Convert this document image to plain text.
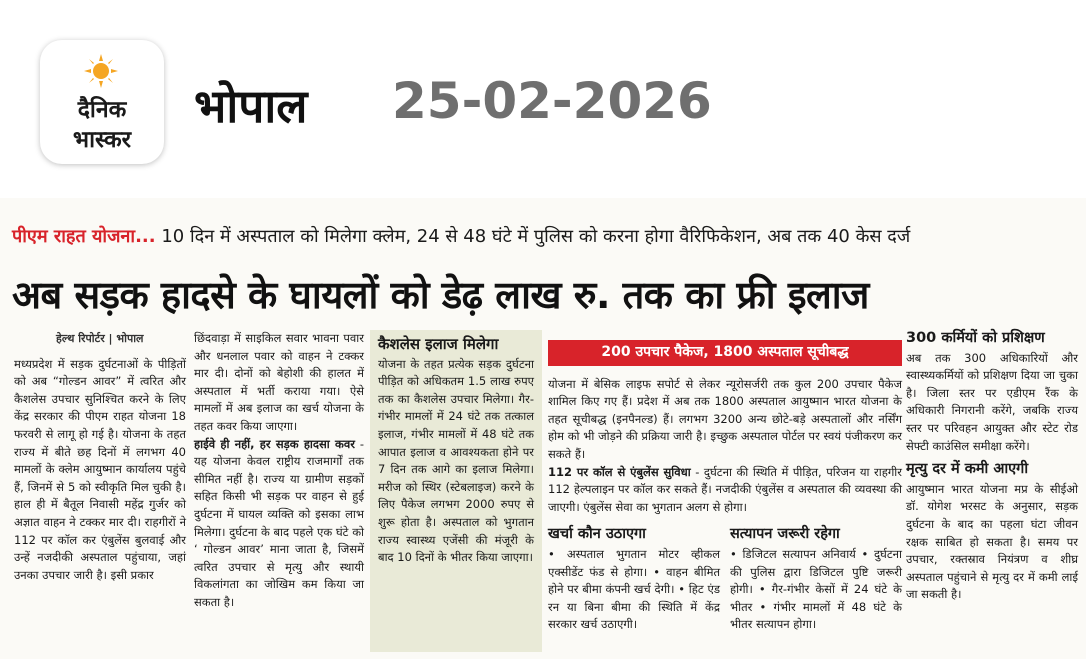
दैनिक
भास्कर
भोपाल 25-02-2026
पीएम राहत योजना... 10 दिन में अस्पताल को मिलेगा क्लेम, 24 से 48 घंटे में पुलिस को करना होगा वैरिफिकेशन, अब तक 40 केस दर्ज
अब सड़क हादसे के घायलों को डेढ़ लाख रु. तक का फ्री इलाज
हेल्थ रिपोर्टर | भोपाल
मध्यप्रदेश में सड़क दुर्घटनाओं के पीड़ितों को अब “गोल्डन आवर” में त्वरित और कैशलेस उपचार सुनिश्चित करने के लिए केंद्र सरकार की पीएम राहत योजना 18 फरवरी से लागू हो गई है। योजना के तहत राज्य में बीते छह दिनों में लगभग 40 मामलों के क्लेम आयुष्मान कार्यालय पहुंचे हैं, जिनमें से 5 को स्वीकृति मिल चुकी है। हाल ही में बैतूल निवासी महेंद्र गुर्जर को अज्ञात वाहन ने टक्कर मार दी। राहगीरों ने 112 पर कॉल कर एंबुलेंस बुलवाई और उन्हें नजदीकी अस्पताल पहुंचाया, जहां उनका उपचार जारी है। इसी प्रकार
छिंदवाड़ा में साइकिल सवार भावना पवार और धनलाल पवार को वाहन ने टक्कर मार दी। दोनों को बेहोशी की हालत में अस्पताल में भर्ती कराया गया। ऐसे मामलों में अब इलाज का खर्च योजना के तहत कवर किया जाएगा।
हाईवे ही नहीं, हर सड़क हादसा कवर - यह योजना केवल राष्ट्रीय राजमार्गों तक सीमित नहीं है। राज्य या ग्रामीण सड़कों सहित किसी भी सड़क पर वाहन से हुई दुर्घटना में घायल व्यक्ति को इसका लाभ मिलेगा। दुर्घटना के बाद पहले एक घंटे को ‘ गोल्डन आवर’ माना जाता है, जिसमें त्वरित उपचार से मृत्यु और स्थायी विकलांगता का जोखिम कम किया जा सकता है।
कैशलेस इलाज मिलेगा
योजना के तहत प्रत्येक सड़क दुर्घटना पीड़ित को अधिकतम 1.5 लाख रुपए तक का कैशलेस उपचार मिलेगा। गैर-गंभीर मामलों में 24 घंटे तक तत्काल इलाज, गंभीर मामलों में 48 घंटे तक आपात इलाज व आवश्यकता होने पर 7 दिन तक आगे का इलाज मिलेगा। मरीज को स्थिर (स्टेबलाइज) करने के लिए पैकेज लगभग 2000 रुपए से शुरू होता है। अस्पताल को भुगतान राज्य स्वास्थ्य एजेंसी की मंजूरी के बाद 10 दिनों के भीतर किया जाएगा।
200 उपचार पैकेज, 1800 अस्पताल सूचीबद्ध
योजना में बेसिक लाइफ सपोर्ट से लेकर न्यूरोसर्जरी तक कुल 200 उपचार पैकेज शामिल किए गए हैं। प्रदेश में अब तक 1800 अस्पताल आयुष्मान भारत योजना के तहत सूचीबद्ध (इनपैनल्ड) हैं। लगभग 3200 अन्य छोटे-बड़े अस्पतालों और नर्सिंग होम को भी जोड़ने की प्रक्रिया जारी है। इच्छुक अस्पताल पोर्टल पर स्वयं पंजीकरण कर सकते हैं।
112 पर कॉल से एंबुलेंस सुविधा - दुर्घटना की स्थिति में पीड़ित, परिजन या राहगीर 112 हेल्पलाइन पर कॉल कर सकते हैं। नजदीकी एंबुलेंस व अस्पताल की व्यवस्था की जाएगी। एंबुलेंस सेवा का भुगतान अलग से होगा।
खर्चा कौन उठाएगा
• अस्पताल भुगतान मोटर व्हीकल एक्सीडेंट फंड से होगा। • वाहन बीमित होने पर बीमा कंपनी खर्च देगी। • हिट एंड रन या बिना बीमा की स्थिति में केंद्र सरकार खर्च उठाएगी।
सत्यापन जरूरी रहेगा
• डिजिटल सत्यापन अनिवार्य • दुर्घटना की पुलिस द्वारा डिजिटल पुष्टि जरूरी होगी। • गैर-गंभीर केसों में 24 घंटे के भीतर • गंभीर मामलों में 48 घंटे के भीतर सत्यापन होगा।
300 कर्मियों को प्रशिक्षण
अब तक 300 अधिकारियों और स्वास्थ्यकर्मियों को प्रशिक्षण दिया जा चुका है। जिला स्तर पर एडीएम रैंक के अधिकारी निगरानी करेंगे, जबकि राज्य स्तर पर परिवहन आयुक्त और स्टेट रोड सेफ्टी काउंसिल समीक्षा करेंगे।
मृत्यु दर में कमी आएगी
आयुष्मान भारत योजना मप्र के सीईओ डॉ. योगेश भरसट के अनुसार, सड़क दुर्घटना के बाद का पहला घंटा जीवन रक्षक साबित हो सकता है। समय पर उपचार, रक्तस्राव नियंत्रण व शीघ्र अस्पताल पहुंचाने से मृत्यु दर में कमी लाई जा सकती है।
